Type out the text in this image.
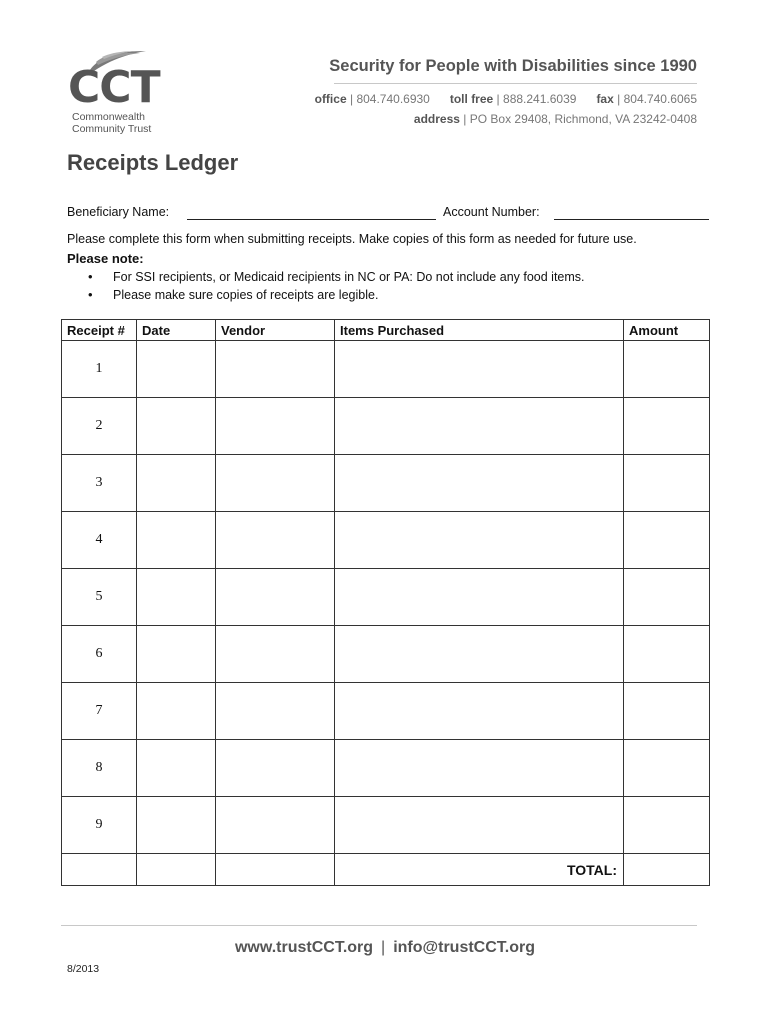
CCT
Commonwealth
Community Trust
Security for People with Disabilities since 1990
office | 804.740.6930 toll free | 888.241.6039 fax | 804.740.6065
address | PO Box 29408, Richmond, VA 23242-0408
Receipts Ledger
Beneficiary Name:	Account Number:
Please complete this form when submitting receipts. Make copies of this form as needed for future use.
Please note:
• For SSI recipients, or Medicaid recipients in NC or PA: Do not include any food items.
• Please make sure copies of receipts are legible.
Receipt #	Date	Vendor	Items Purchased	Amount
1				
2				
3				
4				
5				
6				
7				
8				
9				
			TOTAL:	
www.trustCCT.org | info@trustCCT.org
8/2013
